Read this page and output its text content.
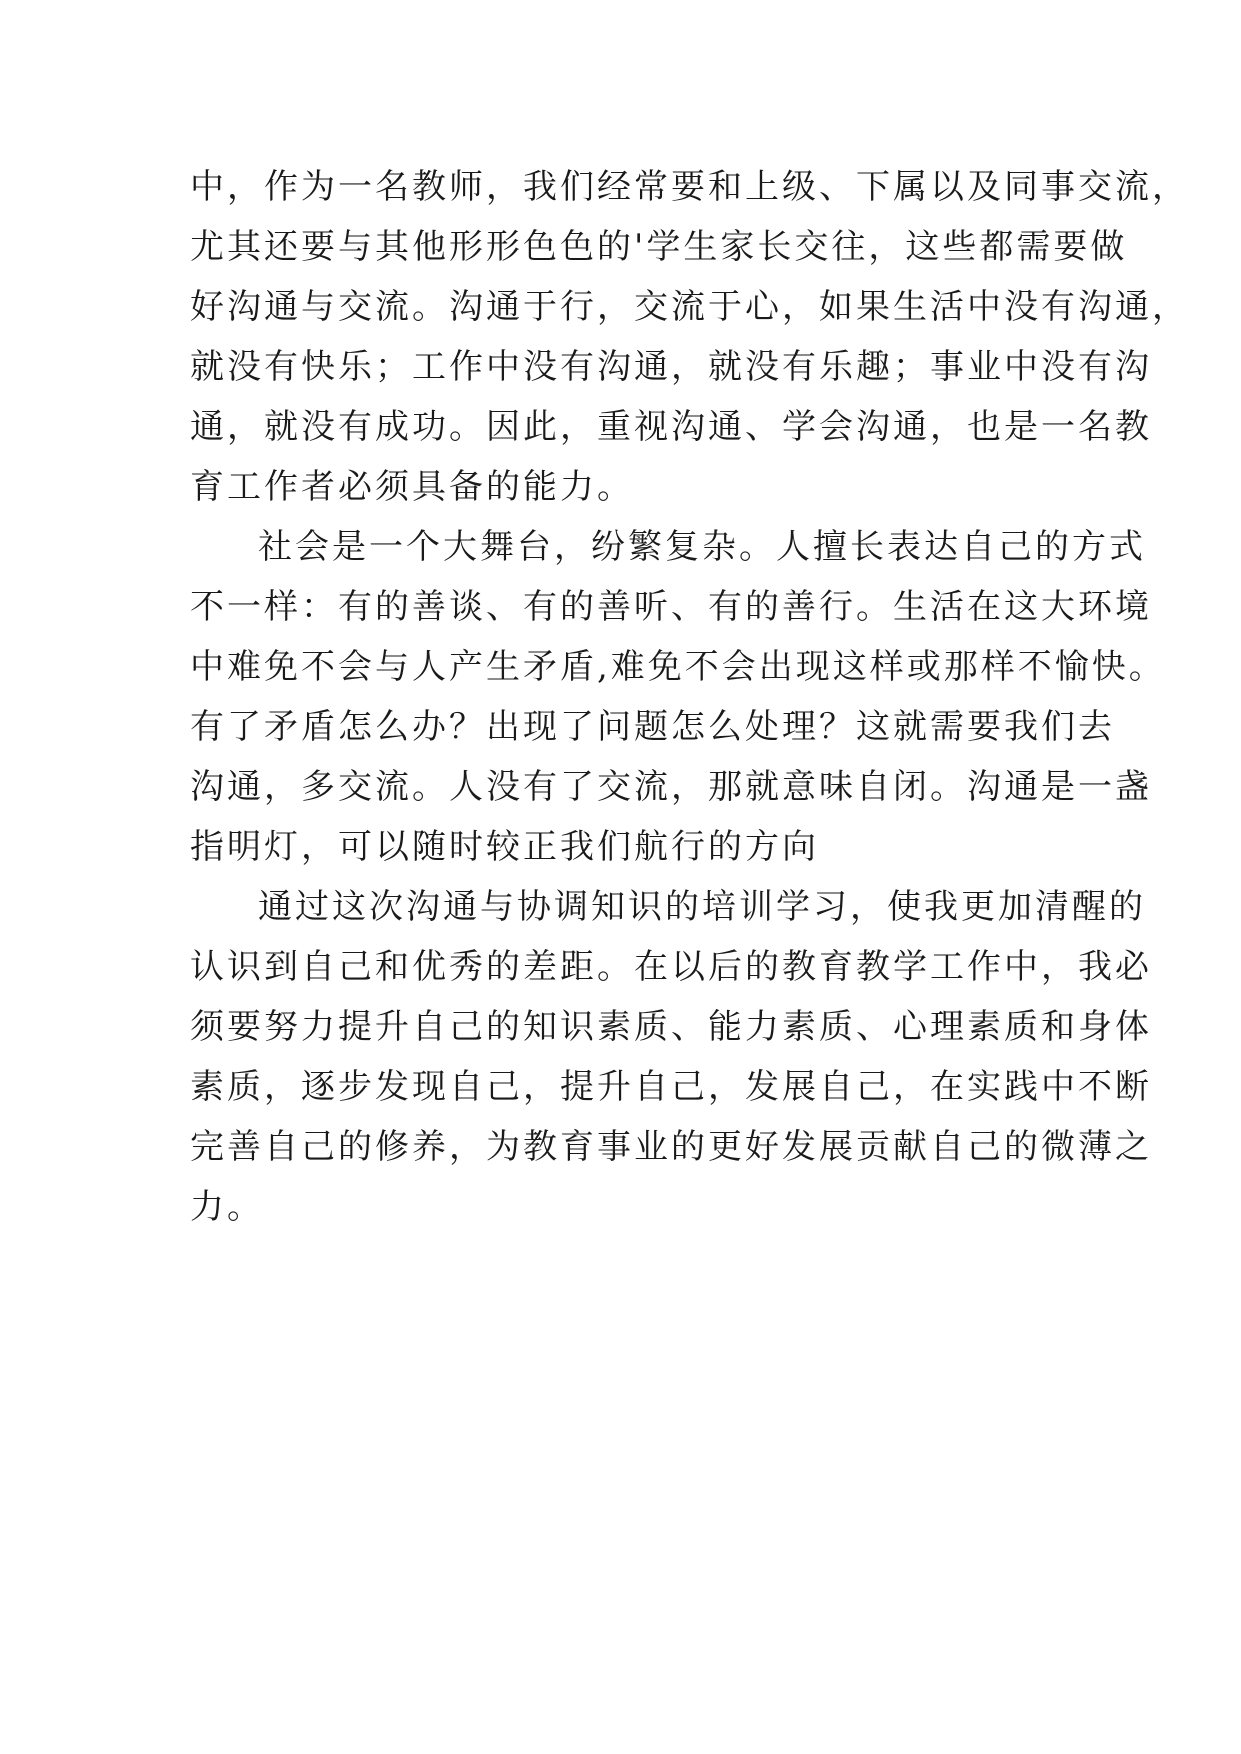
中，作为一名教师，我们经常要和上级、下属以及同事交流，
尤其还要与其他形形色色的'学生家长交往，这些都需要做
好沟通与交流。沟通于行，交流于心，如果生活中没有沟通，
就没有快乐；工作中没有沟通，就没有乐趣；事业中没有沟
通，就没有成功。因此，重视沟通、学会沟通，也是一名教
育工作者必须具备的能力。
社会是一个大舞台，纷繁复杂。人擅长表达自己的方式
不一样：有的善谈、有的善听、有的善行。生活在这大环境
中难免不会与人产生矛盾,难免不会出现这样或那样不愉快。
有了矛盾怎么办？出现了问题怎么处理？这就需要我们去
沟通，多交流。人没有了交流，那就意味自闭。沟通是一盏
指明灯，可以随时较正我们航行的方向
通过这次沟通与协调知识的培训学习，使我更加清醒的
认识到自己和优秀的差距。在以后的教育教学工作中，我必
须要努力提升自己的知识素质、能力素质、心理素质和身体
素质，逐步发现自己，提升自己，发展自己，在实践中不断
完善自己的修养，为教育事业的更好发展贡献自己的微薄之
力。
